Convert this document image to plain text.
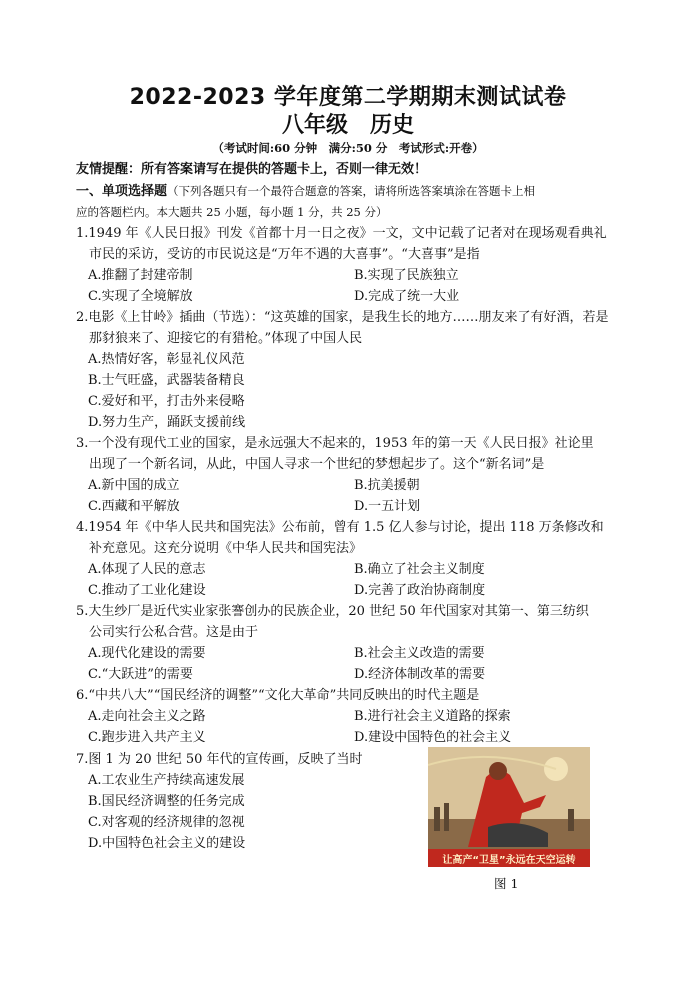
2022-2023 学年度第二学期期末测试试卷
八年级　历史
（考试时间:60 分钟　满分:50 分　考试形式:开卷）
友情提醒：所有答案请写在提供的答题卡上，否则一律无效！
一、单项选择题（下列各题只有一个最符合题意的答案，请将所选答案填涂在答题卡上相
应的答题栏内。本大题共 25 小题，每小题 1 分，共 25 分）
1.1949 年《人民日报》刊发《首都十月一日之夜》一文，文中记载了记者对在现场观看典礼
　市民的采访，受访的市民说这是“万年不遇的大喜事”。“大喜事”是指
A.推翻了封建帝制	B.实现了民族独立
C.实现了全境解放	D.完成了统一大业
2.电影《上甘岭》插曲（节选）：“这英雄的国家，是我生长的地方……朋友来了有好酒，若是
　那豺狼来了、迎接它的有猎枪。”体现了中国人民
A.热情好客，彰显礼仪风范
B.士气旺盛，武器装备精良
C.爱好和平，打击外来侵略
D.努力生产，踊跃支援前线
3.一个没有现代工业的国家，是永远强大不起来的，1953 年的第一天《人民日报》社论里
　出现了一个新名词，从此，中国人寻求一个世纪的梦想起步了。这个“新名词”是
A.新中国的成立	B.抗美援朝
C.西藏和平解放	D.一五计划
4.1954 年《中华人民共和国宪法》公布前，曾有 1.5 亿人参与讨论，提出 118 万条修改和
　补充意见。这充分说明《中华人民共和国宪法》
A.体现了人民的意志	B.确立了社会主义制度
C.推动了工业化建设	D.完善了政治协商制度
5.大生纱厂是近代实业家张謇创办的民族企业，20 世纪 50 年代国家对其第一、第三纺织
　公司实行公私合营。这是由于
A.现代化建设的需要	B.社会主义改造的需要
C.“大跃进”的需要	D.经济体制改革的需要
6.“中共八大”“国民经济的调整”“文化大革命”共同反映出的时代主题是
A.走向社会主义之路	B.进行社会主义道路的探索
C.跑步进入共产主义	D.建设中国特色的社会主义
7.图 1 为 20 世纪 50 年代的宣传画，反映了当时
A.工农业生产持续高速发展
B.国民经济调整的任务完成
C.对客观的经济规律的忽视
D.中国特色社会主义的建设
让高产“卫星”永远在天空运转
图 1
